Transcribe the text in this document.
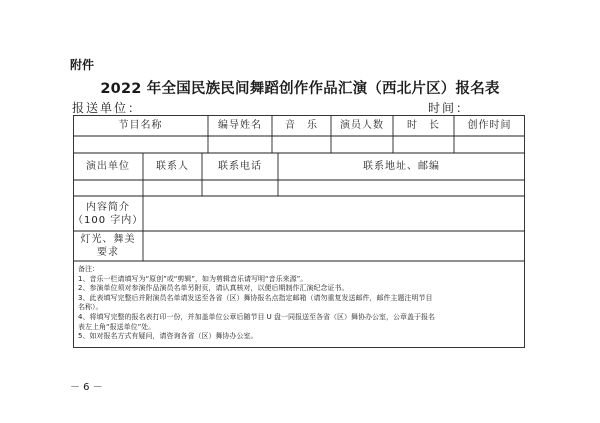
附件
2022 年全国民族民间舞蹈创作作品汇演（西北片区）报名表
报送单位：	时间：
节目名称	编导姓名	音　乐	演员人数	时　长	创作时间
演出单位	联系人	联系电话	联系地址、邮编
内容简介
（100 字内）
灯光、舞美
要求
备注：
1、音乐一栏请填写为“原创”或“剪辑”，如为剪辑音乐请写明“音乐来源”。
2、参演单位须对参演作品演员名单另附页，请认真核对，以便后期制作汇演纪念证书。
3、此表填写完整后并附演员名单请发送至各省（区）舞协报名点指定邮箱（请勿重复发送邮件，邮件主题注明节目
名称）。
4、将填写完整的报名表打印一份，并加盖单位公章后随节目 U 盘一同报送至各省（区）舞协办公室，公章盖于报名
表左上角“报送单位”处。
5、如对报名方式有疑问，请咨询各省（区）舞协办公室。
－ 6 －
